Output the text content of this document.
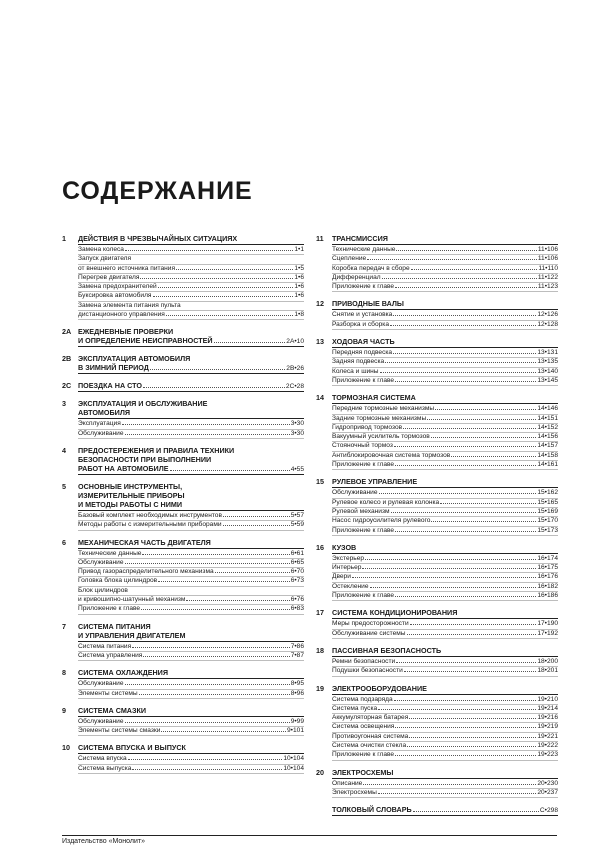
СОДЕРЖАНИЕ
1 ДЕЙСТВИЯ В ЧРЕЗВЫЧАЙНЫХ СИТУАЦИЯХ
Замена колеса	1•1
Запуск двигателя
от внешнего источника питания	1•5
Перегрев двигателя	1•6
Замена предохранителей	1•6
Буксировка автомобиля	1•6
Замена элемента питания пульта
дистанционного управления	1•8
2A ЕЖЕДНЕВНЫЕ ПРОВЕРКИ
И ОПРЕДЕЛЕНИЕ НЕИСПРАВНОСТЕЙ	2A•10
2B ЭКСПЛУАТАЦИЯ АВТОМОБИЛЯ
В ЗИМНИЙ ПЕРИОД	2B•26
2C ПОЕЗДКА НА СТО	2C•28
3 ЭКСПЛУАТАЦИЯ И ОБСЛУЖИВАНИЕ
АВТОМОБИЛЯ
Эксплуатация	3•30
Обслуживание	3•30
4 ПРЕДОСТЕРЕЖЕНИЯ И ПРАВИЛА ТЕХНИКИ
БЕЗОПАСНОСТИ ПРИ ВЫПОЛНЕНИИ
РАБОТ НА АВТОМОБИЛЕ	4•55
5 ОСНОВНЫЕ ИНСТРУМЕНТЫ,
ИЗМЕРИТЕЛЬНЫЕ ПРИБОРЫ
И МЕТОДЫ РАБОТЫ С НИМИ
Базовый комплект необходимых инструментов	5•57
Методы работы с измерительными приборами	5•59
6 МЕХАНИЧЕСКАЯ ЧАСТЬ ДВИГАТЕЛЯ
Технические данные	6•61
Обслуживание	6•65
Привод газораспределительного механизма	6•70
Головка блока цилиндров	6•73
Блок цилиндров
и кривошипно-шатунный механизм	6•76
Приложение к главе	6•83
7 СИСТЕМА ПИТАНИЯ
И УПРАВЛЕНИЯ ДВИГАТЕЛЕМ
Система питания	7•86
Система управления	7•87
8 СИСТЕМА ОХЛАЖДЕНИЯ
Обслуживание	8•95
Элементы системы	8•96
9 СИСТЕМА СМАЗКИ
Обслуживание	9•99
Элементы системы смазки	9•101
10 СИСТЕМА ВПУСКА И ВЫПУСК
Система впуска	10•104
Система выпуска	10•104
11 ТРАНСМИССИЯ
Технические данные	11•106
Сцепление	11•106
Коробка передач в сборе	11•110
Дифференциал	11•122
Приложение к главе	11•123
12 ПРИВОДНЫЕ ВАЛЫ
Снятие и установка	12•126
Разборка и сборка	12•128
13 ХОДОВАЯ ЧАСТЬ
Передняя подвеска	13•131
Задняя подвеска	13•135
Колеса и шины	13•140
Приложение к главе	13•145
14 ТОРМОЗНАЯ СИСТЕМА
Передние тормозные механизмы	14•146
Задние тормозные механизмы	14•151
Гидропривод тормозов	14•152
Вакуумный усилитель тормозов	14•156
Стояночный тормоз	14•157
Антиблокировочная система тормозов	14•158
Приложение к главе	14•161
15 РУЛЕВОЕ УПРАВЛЕНИЕ
Обслуживание	15•162
Рулевое колесо и рулевая колонка	15•165
Рулевой механизм	15•169
Насос гидроусилителя рулевого	15•170
Приложение к главе	15•173
16 КУЗОВ
Экстерьер	16•174
Интерьер	16•175
Двери	16•176
Остекление	16•182
Приложение к главе	16•186
17 СИСТЕМА КОНДИЦИОНИРОВАНИЯ
Меры предосторожности	17•190
Обслуживание системы	17•192
18 ПАССИВНАЯ БЕЗОПАСНОСТЬ
Ремни безопасности	18•200
Подушки безопасности	18•201
19 ЭЛЕКТРООБОРУДОВАНИЕ
Система подзаряда	19•210
Система пуска	19•214
Аккумуляторная батарея	19•216
Система освещения	19•219
Противоугонная система	19•221
Система очистки стекла	19•222
Приложение к главе	19•223
20 ЭЛЕКТРОСХЕМЫ
Описание	20•230
Электросхемы	20•237
ТОЛКОВЫЙ СЛОВАРЬ	С•298
Издательство «Монолит»
